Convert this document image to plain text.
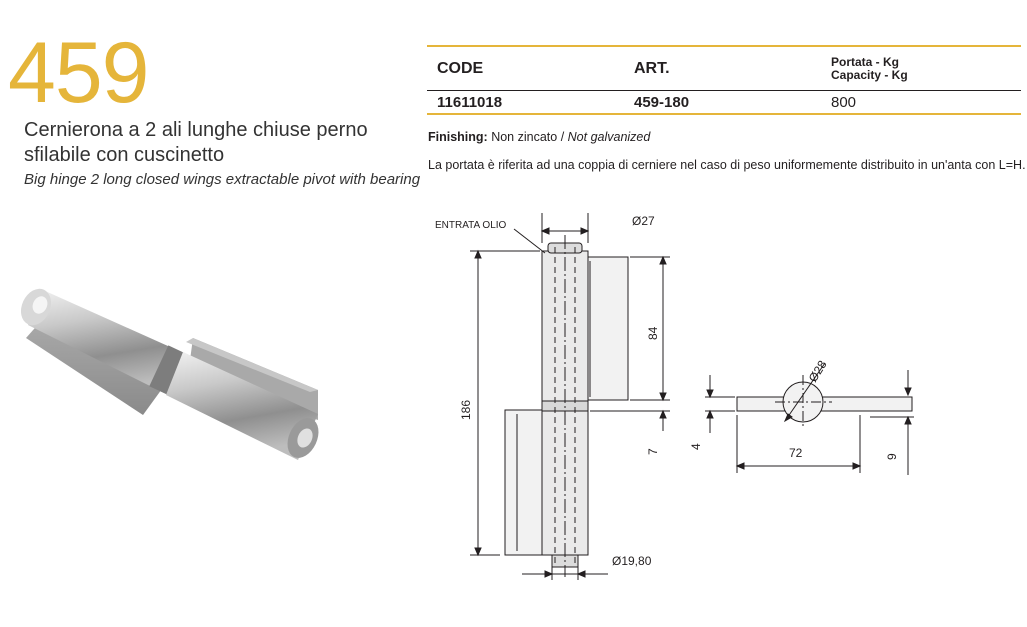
459
Cernierona a 2 ali lunghe chiuse perno sfilabile con cuscinetto
Big hinge 2 long closed wings extractable pivot with bearing
CODE	ART.	Portata - Kg
Capacity - Kg
11611018	459-180	800
Finishing: Non zincato / Not galvanized
La portata è riferita ad una coppia di cerniere nel caso di peso uniformemente distribuito in un'anta con L=H.
ENTRATA OLIO	Ø27
84
186
7
Ø19,80
Ø28
4	72	9
